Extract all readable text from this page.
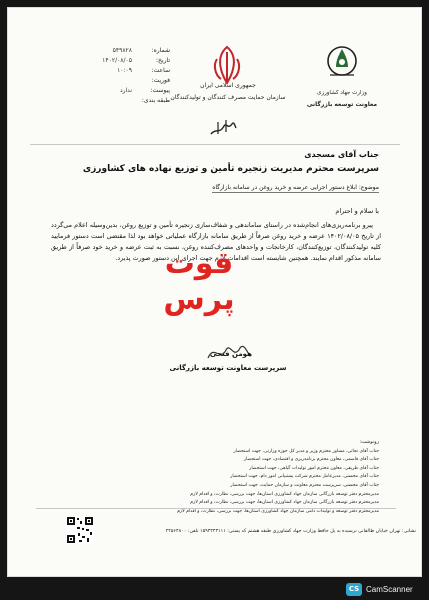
شماره:
۵۴۹۸۲۸
تاریخ:
۱۴۰۲/۰۸/۰۵
ساعت:
۱۰:۰۹
فوریت:
پیوست:
ندارد
طبقه بندی:
جمهوری اسلامی ایران
سازمان حمایت مصرف کنندگان و تولیدکنندگان
وزارت جهاد کشاورزی
معاونت توسعه بازرگانی
جناب آقای مسجدی
سرپرست محترم مدیریت زنجیره تأمین و توزیع نهاده های کشاورزی
موضوع: ابلاغ دستور اجرایی عرضه و خرید روغن در سامانه بازارگاه
با سلام و احترام

پیرو برنامه‌ریزی‌های انجام‌شده در راستای ساماندهی و شفاف‌سازی زنجیره تأمین و توزیع روغن، بدین‌وسیله اعلام می‌گردد از تاریخ ۱۴۰۲/۰۸/۰۵ عرضه و خرید روغن صرفاً از طریق سامانه بازارگاه عملیاتی خواهد بود لذا مقتضی است دستور فرمایید کلیه تولیدکنندگان، توزیع‌کنندگان، کارخانجات و واحدهای مصرف‌کننده روغن، نسبت به ثبت عرضه و خرید خود صرفاً از طریق سامانه مذکور اقدام نمایند. همچنین شایسته است اقدامات لازم جهت اجرای این دستور صورت پذیرد.

قوت پرس
هومن فتحی
سرپرست معاونت توسعه بازرگانی
رونوشت:
جناب آقای نجاتی، مشاور محترم وزیر و مدیر کل حوزه وزارتی، جهت استحضار
جناب آقای قاسمی، معاون محترم برنامه‌ریزی و اقتصادی، جهت استحضار
جناب آقای ظریفی، معاون محترم امور تولیدات گیاهی، جهت استحضار
جناب آقای محسنی، مدیرعامل محترم شرکت پشتیبانی امور دام، جهت استحضار
جناب آقای محسنی، سرپرست محترم معاونت و سازمان حمایت، جهت استحضار
مدیرمحترم دفتر توسعه بازرگانی سازمان جهاد کشاورزی استان‌ها، جهت بررسی، نظارت، و اقدام لازم
مدیرمحترم دفتر توسعه بازرگانی سازمان جهاد کشاورزی استان‌ها، جهت بررسی، نظارت، و اقدام لازم
مدیرمحترم دفتر توسعه و تولیدات دامی سازمان جهاد کشاورزی استان‌ها، جهت بررسی، نظارت، و اقدام لازم
نشانی: تهران خیابان طالقانی نرسیده به پل حافظ وزارت جهاد کشاورزی طبقه هشتم کد پستی: ۱۵۹۴۳۴۳۱۱۱ تلفن: ۲۴۵۶۴۸۰۰
CS CamScanner
